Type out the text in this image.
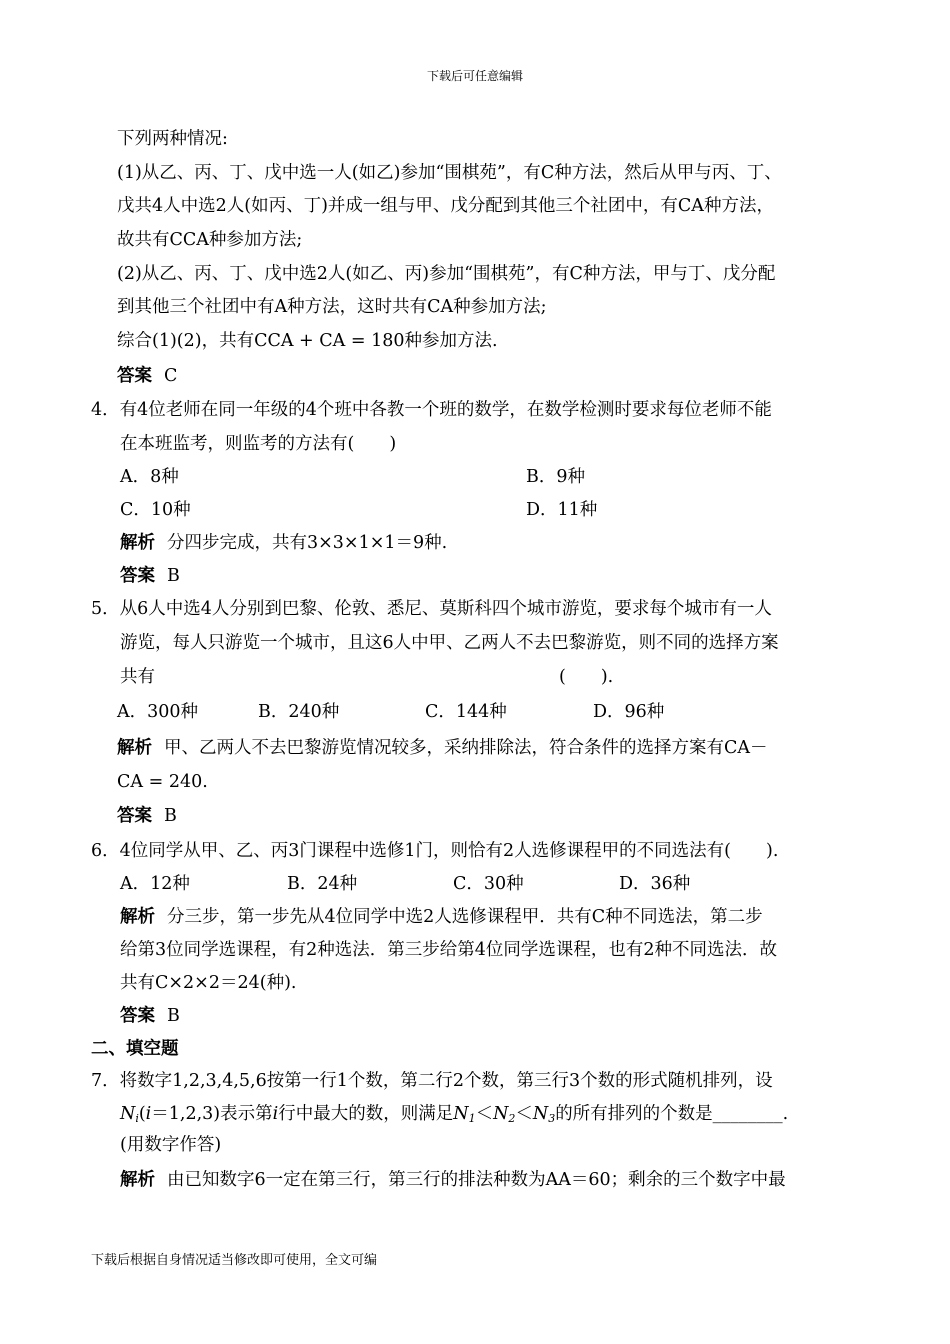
下载后可任意编辑
下列两种情况:
(1)从乙、丙、丁、戊中选一人(如乙)参加“围棋苑”，有C种方法，然后从甲与丙、丁、
戊共4人中选2人(如丙、丁)并成一组与甲、戊分配到其他三个社团中，有CA种方法，
故共有CCA种参加方法;
(2)从乙、丙、丁、戊中选2人(如乙、丙)参加“围棋苑”，有C种方法，甲与丁、戊分配
到其他三个社团中有A种方法，这时共有CA种参加方法;
综合(1)(2)，共有CCA + CA = 180种参加方法.
答案 C
4．有4位老师在同一年级的4个班中各教一个班的数学，在数学检测时要求每位老师不能
在本班监考，则监考的方法有(　　)
A．8种	B．9种
C．10种	D．11种
解析 分四步完成，共有3×3×1×1＝9种.
答案 B
5．从6人中选4人分别到巴黎、伦敦、悉尼、莫斯科四个城市游览，要求每个城市有一人
游览，每人只游览一个城市，且这6人中甲、乙两人不去巴黎游览，则不同的选择方案
共有	(　　).
A．300种	B．240种	C．144种	D．96种
解析 甲、乙两人不去巴黎游览情况较多，采纳排除法，符合条件的选择方案有CA－
CA = 240.
答案 B
6．4位同学从甲、乙、丙3门课程中选修1门，则恰有2人选修课程甲的不同选法有(　　).
A．12种	B．24种	C．30种	D．36种
解析 分三步，第一步先从4位同学中选2人选修课程甲．共有C种不同选法，第二步
给第3位同学选课程，有2种选法．第三步给第4位同学选课程，也有2种不同选法．故
共有C×2×2＝24(种).
答案 B
二、填空题
7．将数字1,2,3,4,5,6按第一行1个数，第二行2个数，第三行3个数的形式随机排列，设
$N_i(i=1,2,3)$表示第i行中最大的数，则满足$N_1<N_2<N_3$的所有排列的个数是________.
(用数字作答)
解析 由已知数字6一定在第三行，第三行的排法种数为AA＝60；剩余的三个数字中最
下载后根据自身情况适当修改即可使用，全文可编
